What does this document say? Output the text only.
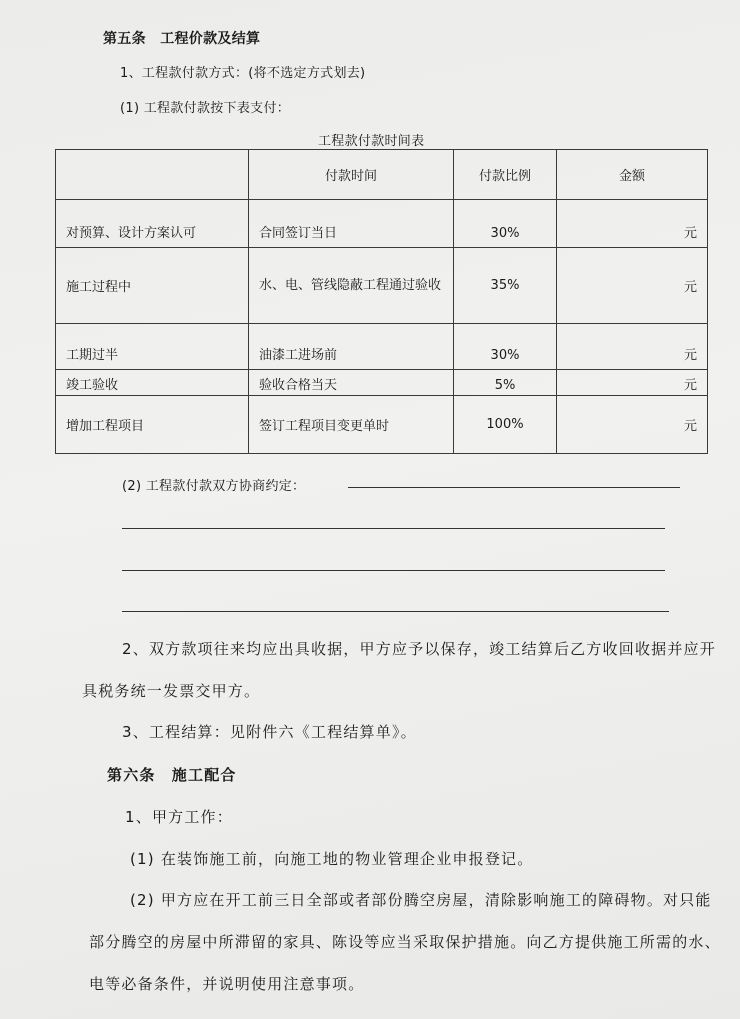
第五条　工程价款及结算
1、工程款付款方式：(将不选定方式划去)
(1) 工程款付款按下表支付：
工程款付款时间表
	付款时间	付款比例	金额
对预算、设计方案认可	合同签订当日	30%	元
施工过程中	水、电、管线隐蔽工程通过验收	35%	元
工期过半	油漆工进场前	30%	元
竣工验收	验收合格当天	5%	元
增加工程项目	签订工程项目变更单时	100%	元
(2) 工程款付款双方协商约定：
2、双方款项往来均应出具收据，甲方应予以保存，竣工结算后乙方收回收据并应开
具税务统一发票交甲方。
3、工程结算：见附件六《工程结算单》。
第六条　施工配合
1、甲方工作：
(1) 在装饰施工前，向施工地的物业管理企业申报登记。
(2) 甲方应在开工前三日全部或者部份腾空房屋，清除影响施工的障碍物。对只能
部分腾空的房屋中所滞留的家具、陈设等应当采取保护措施。向乙方提供施工所需的水、
电等必备条件，并说明使用注意事项。
